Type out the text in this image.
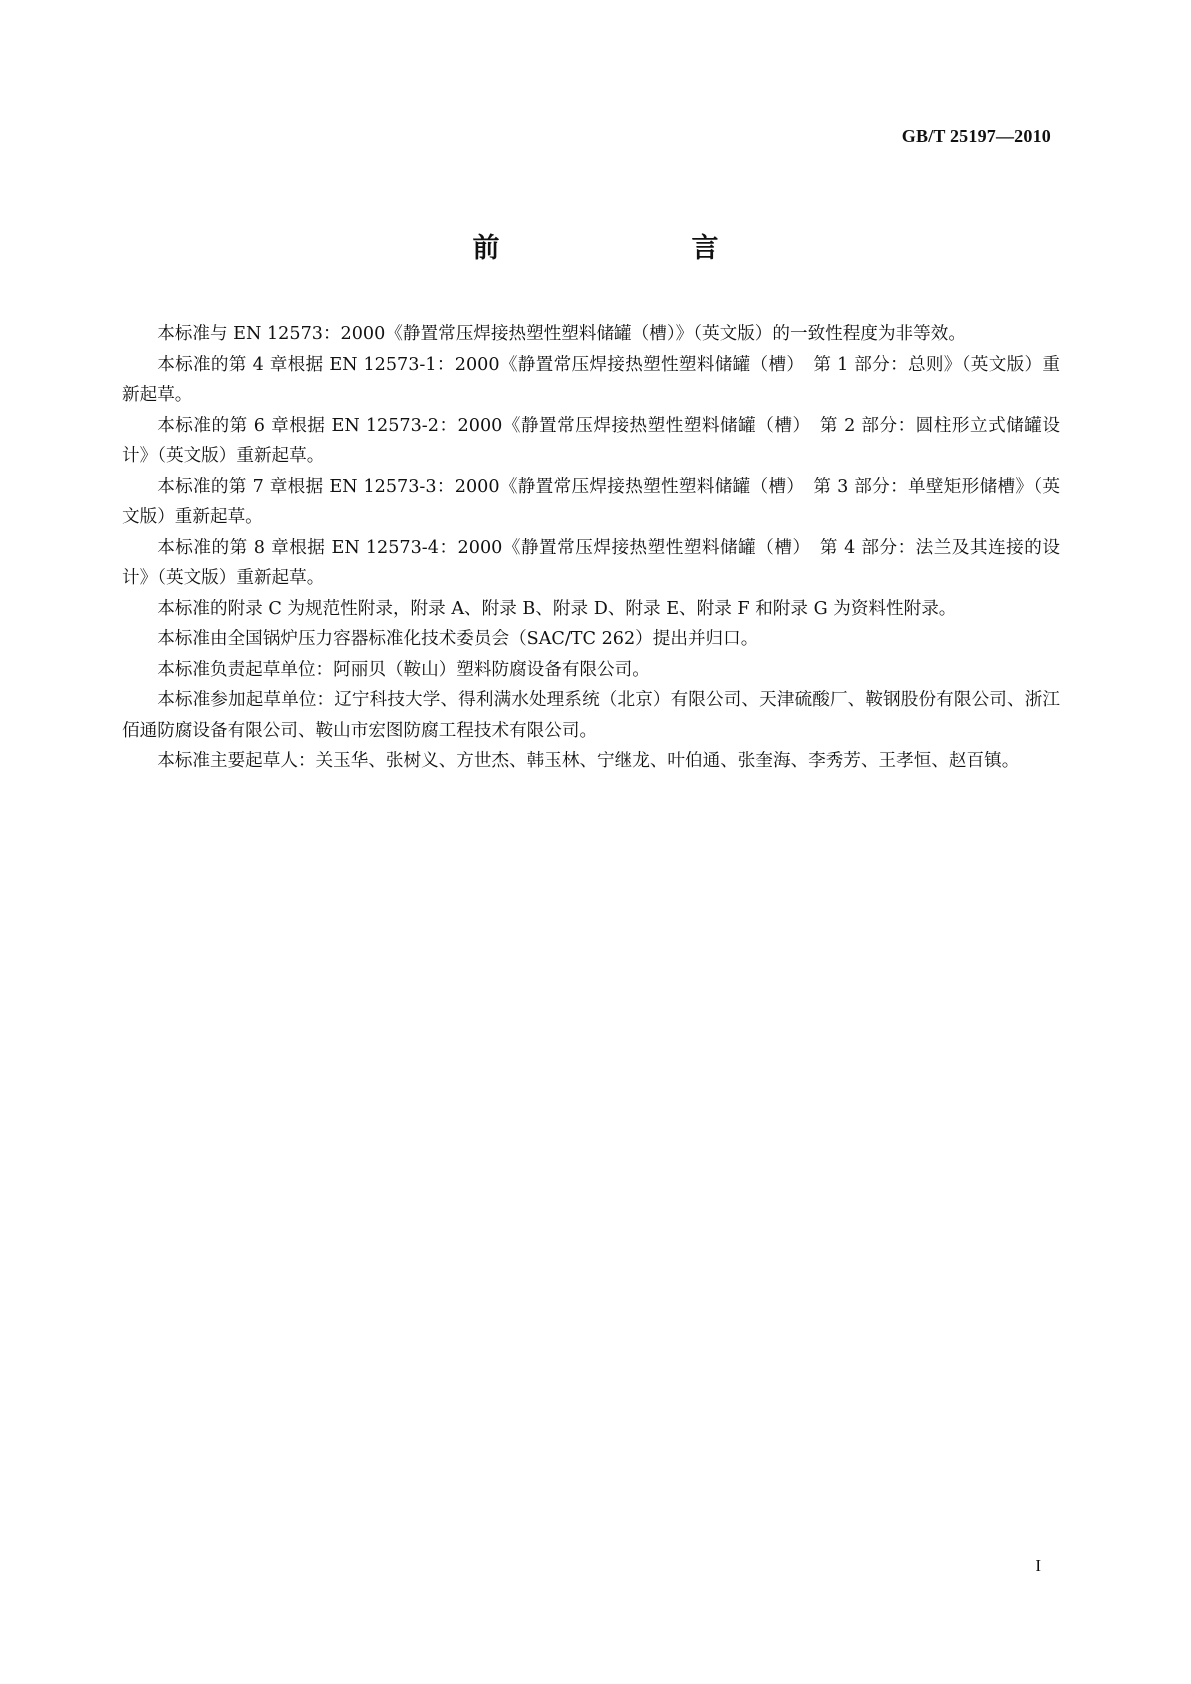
GB/T 25197—2010
前　　言

本标准与 EN 12573：2000《静置常压焊接热塑性塑料储罐（槽）》（英文版）的一致性程度为非等效。

本标准的第 4 章根据 EN 12573-1：2000《静置常压焊接热塑性塑料储罐（槽）　第 1 部分：总则》（英文版）重新起草。

本标准的第 6 章根据 EN 12573-2：2000《静置常压焊接热塑性塑料储罐（槽）　第 2 部分：圆柱形立式储罐设计》（英文版）重新起草。

本标准的第 7 章根据 EN 12573-3：2000《静置常压焊接热塑性塑料储罐（槽）　第 3 部分：单壁矩形储槽》（英文版）重新起草。

本标准的第 8 章根据 EN 12573-4：2000《静置常压焊接热塑性塑料储罐（槽）　第 4 部分：法兰及其连接的设计》（英文版）重新起草。

本标准的附录 C 为规范性附录，附录 A、附录 B、附录 D、附录 E、附录 F 和附录 G 为资料性附录。

本标准由全国锅炉压力容器标准化技术委员会（SAC/TC 262）提出并归口。

本标准负责起草单位：阿丽贝（鞍山）塑料防腐设备有限公司。

本标准参加起草单位：辽宁科技大学、得利满水处理系统（北京）有限公司、天津硫酸厂、鞍钢股份有限公司、浙江佰通防腐设备有限公司、鞍山市宏图防腐工程技术有限公司。

本标准主要起草人：关玉华、张树义、方世杰、韩玉林、宁继龙、叶伯通、张奎海、李秀芳、王孝恒、赵百镇。

I
